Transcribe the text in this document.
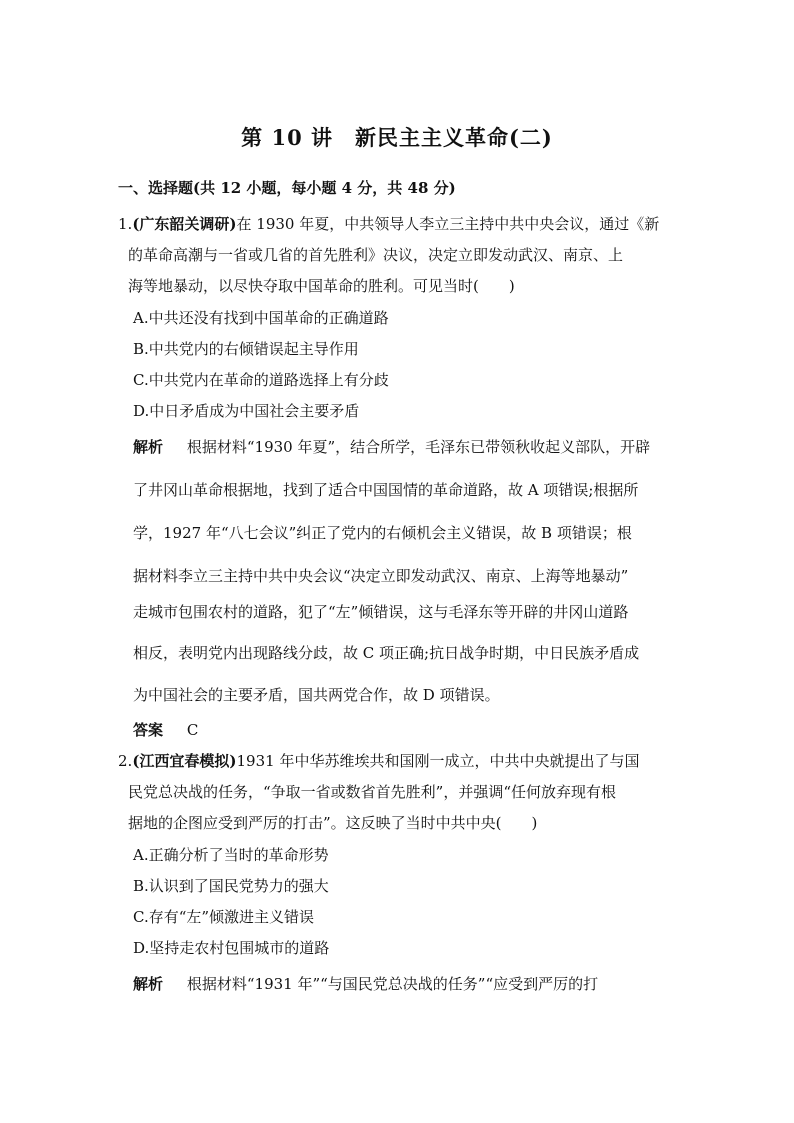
第 10 讲　新民主主义革命(二)
一、选择题(共 12 小题，每小题 4 分，共 48 分)
1.(广东韶关调研)在 1930 年夏，中共领导人李立三主持中共中央会议，通过《新
的革命高潮与一省或几省的首先胜利》决议，决定立即发动武汉、南京、上
海等地暴动，以尽快夺取中国革命的胜利。可见当时(　　)
A.中共还没有找到中国革命的正确道路
B.中共党内的右倾错误起主导作用
C.中共党内在革命的道路选择上有分歧
D.中日矛盾成为中国社会主要矛盾
解析 根据材料“1930 年夏”，结合所学，毛泽东已带领秋收起义部队，开辟
了井冈山革命根据地，找到了适合中国国情的革命道路，故 A 项错误;根据所
学，1927 年“八七会议”纠正了党内的右倾机会主义错误，故 B 项错误；根
据材料李立三主持中共中央会议“决定立即发动武汉、南京、上海等地暴动”
走城市包围农村的道路，犯了“左”倾错误，这与毛泽东等开辟的井冈山道路
相反，表明党内出现路线分歧，故 C 项正确;抗日战争时期，中日民族矛盾成
为中国社会的主要矛盾，国共两党合作，故 D 项错误。
答案 C
2.(江西宜春模拟)1931 年中华苏维埃共和国刚一成立，中共中央就提出了与国
民党总决战的任务，“争取一省或数省首先胜利”，并强调“任何放弃现有根
据地的企图应受到严厉的打击”。这反映了当时中共中央(　　)
A.正确分析了当时的革命形势
B.认识到了国民党势力的强大
C.存有“左”倾激进主义错误
D.坚持走农村包围城市的道路
解析 根据材料“1931 年”“与国民党总决战的任务”“应受到严厉的打
